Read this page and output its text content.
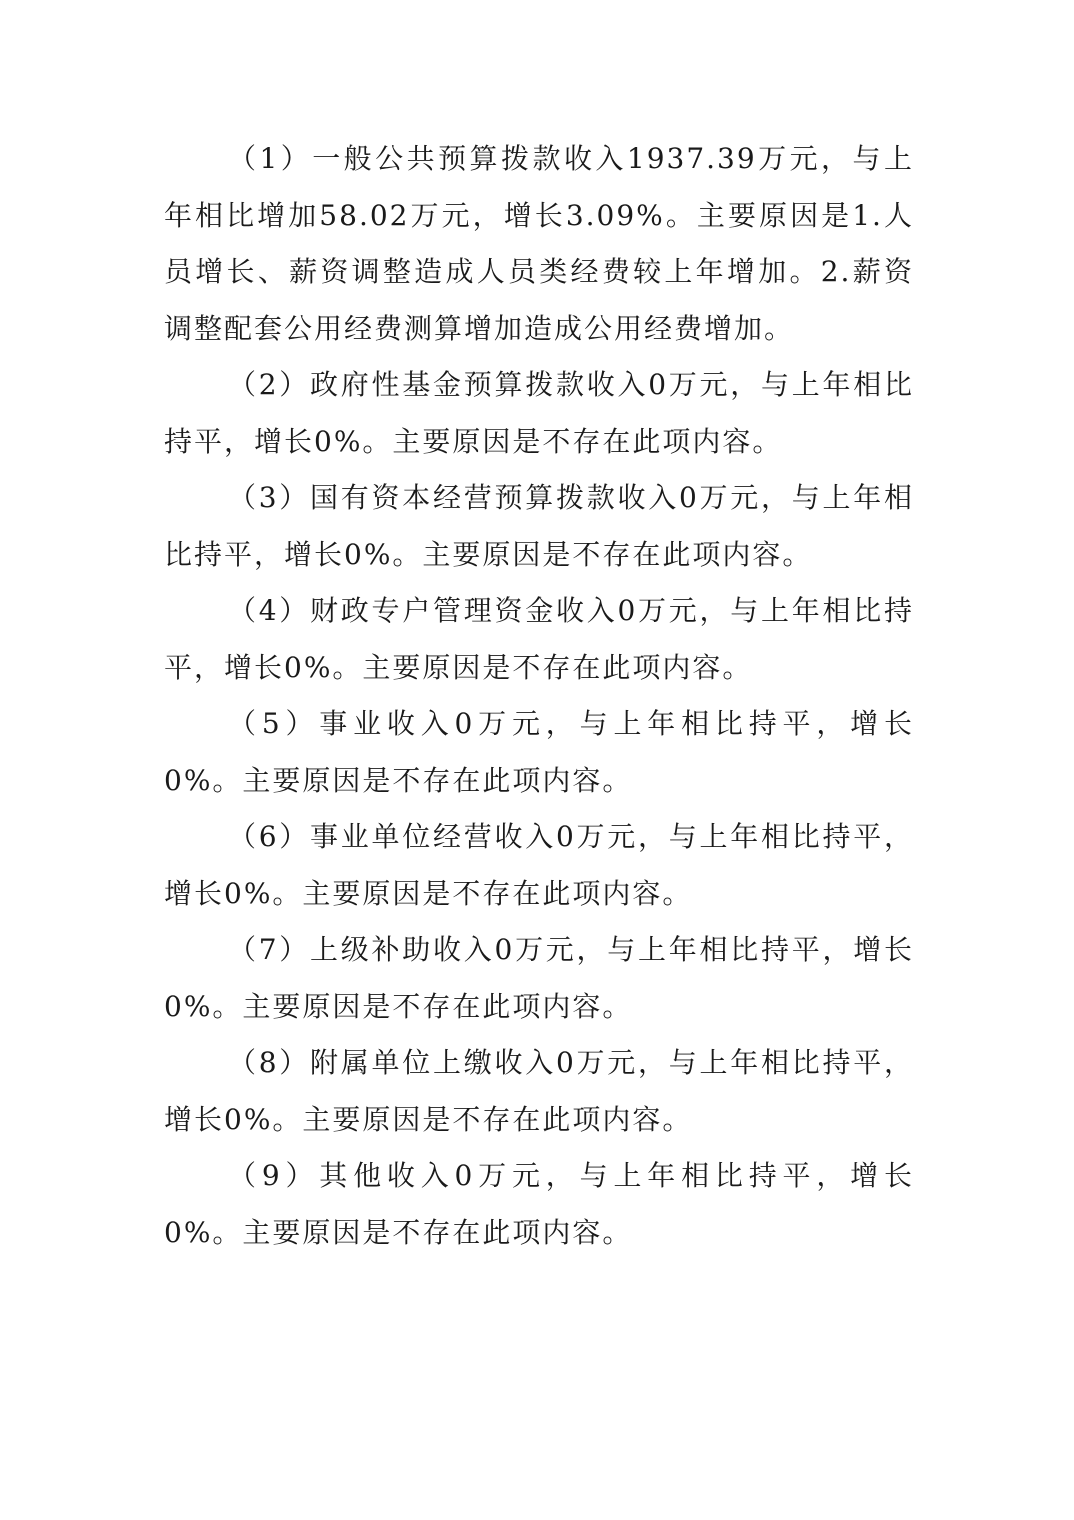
（1）一般公共预算拨款收入1937.39万元，与上年相比增加58.02万元，增长3.09%。主要原因是1.人员增长、薪资调整造成人员类经费较上年增加。2.薪资调整配套公用经费测算增加造成公用经费增加。

（2）政府性基金预算拨款收入0万元，与上年相比持平，增长0%。主要原因是不存在此项内容。

（3）国有资本经营预算拨款收入0万元，与上年相比持平，增长0%。主要原因是不存在此项内容。

（4）财政专户管理资金收入0万元，与上年相比持平，增长0%。主要原因是不存在此项内容。

（5）事业收入0万元，与上年相比持平，增长0%。主要原因是不存在此项内容。

（6）事业单位经营收入0万元，与上年相比持平，增长0%。主要原因是不存在此项内容。

（7）上级补助收入0万元，与上年相比持平，增长0%。主要原因是不存在此项内容。

（8）附属单位上缴收入0万元，与上年相比持平，增长0%。主要原因是不存在此项内容。

（9）其他收入0万元，与上年相比持平，增长0%。主要原因是不存在此项内容。
